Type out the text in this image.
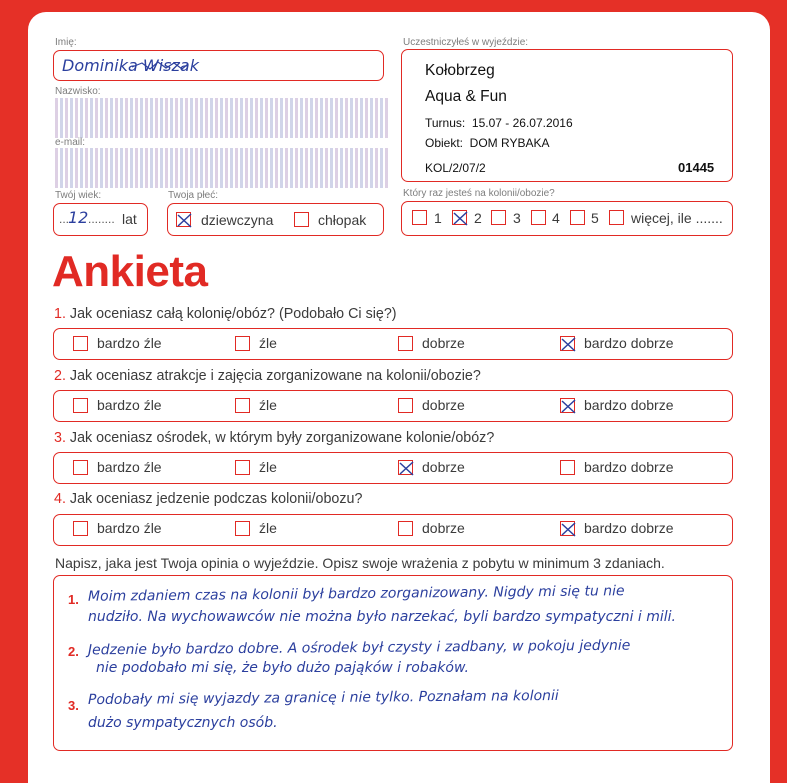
Imię:
Dominika Wiszak
Nazwisko:
e-mail:
Twój wiek:
...
12 ........ lat
Twoja płeć:
dziewczyna	chłopak
Uczestniczyłeś w wyjeździe:
Kołobrzeg
Aqua & Fun
Turnus:  15.07 - 26.07.2016
Obiekt:  DOM RYBAKA
KOL/2/07/2	01445
Który raz jesteś na kolonii/obozie?
1 2 3 4 5 więcej, ile .......
Ankieta
1. Jak oceniasz całą kolonię/obóz? (Podobało Ci się?)
2. Jak oceniasz atrakcje i zajęcia zorganizowane na kolonii/obozie?
3. Jak oceniasz ośrodek, w którym były zorganizowane kolonie/obóz?
4. Jak oceniasz jedzenie podczas kolonii/obozu?
bardzo źle	źle	dobrze	bardzo dobrze
bardzo źle	źle	dobrze	bardzo dobrze
bardzo źle	źle	dobrze	bardzo dobrze
bardzo źle	źle	dobrze	bardzo dobrze
Napisz, jaka jest Twoja opinia o wyjeździe. Opisz swoje wrażenia z pobytu w minimum 3 zdaniach.
1.
2.
3.
Moim zdaniem czas na kolonii był bardzo zorganizowany. Nigdy mi się tu nie
nudziło. Na wychowawców nie można było narzekać, byli bardzo sympatyczni i mili.
Jedzenie było bardzo dobre. A ośrodek był czysty i zadbany, w pokoju jedynie
nie podobało mi się, że było dużo pająków i robaków.
Podobały mi się wyjazdy za granicę i nie tylko. Poznałam na kolonii
dużo sympatycznych osób.
